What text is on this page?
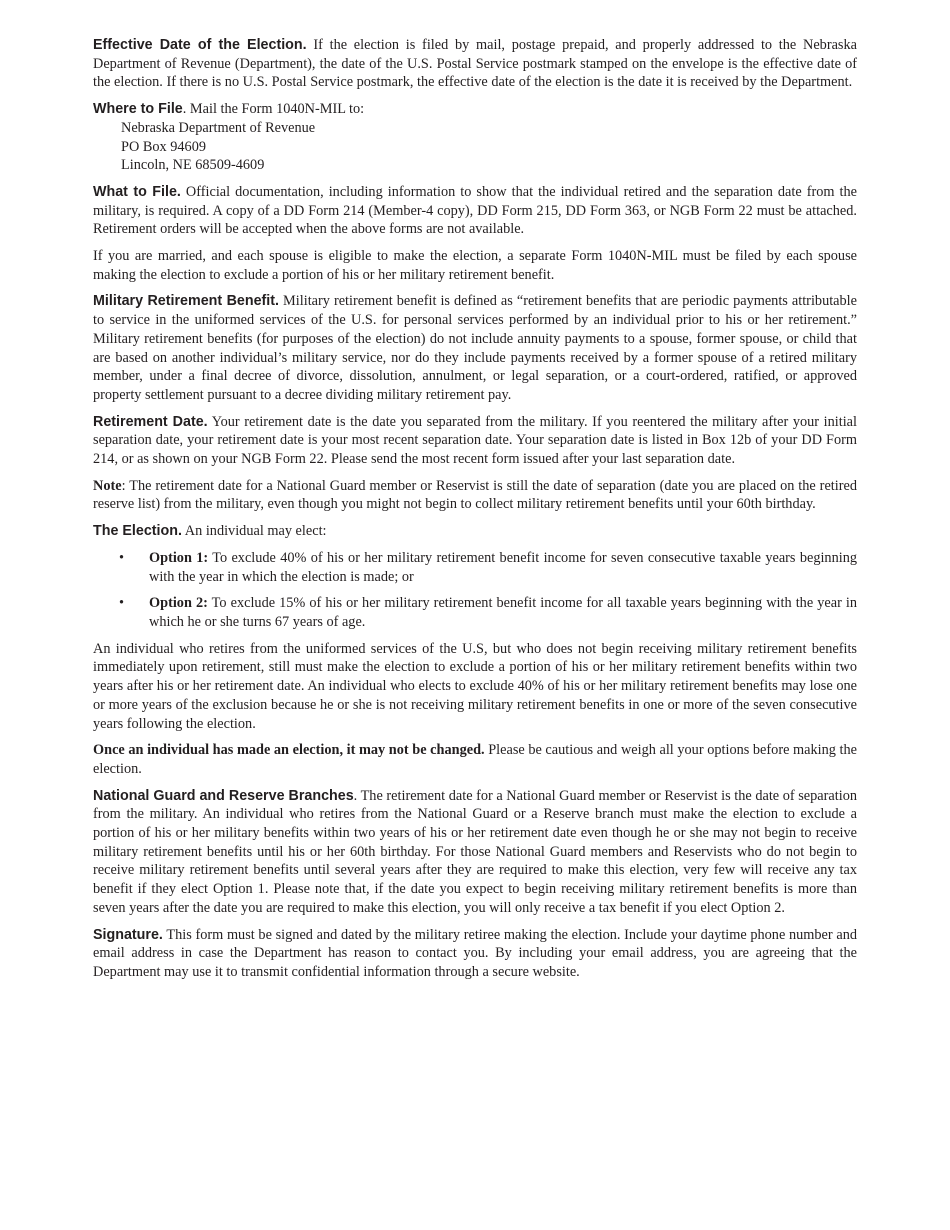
Effective Date of the Election. If the election is filed by mail, postage prepaid, and properly addressed to the Nebraska Department of Revenue (Department), the date of the U.S. Postal Service postmark stamped on the envelope is the effective date of the election. If there is no U.S. Postal Service postmark, the effective date of the election is the date it is received by the Department.

Where to File. Mail the Form 1040N-MIL to:

Nebraska Department of Revenue
PO Box 94609
Lincoln, NE 68509-4609

What to File. Official documentation, including information to show that the individual retired and the separation date from the military, is required. A copy of a DD Form 214 (Member-4 copy), DD Form 215, DD Form 363, or NGB Form 22 must be attached. Retirement orders will be accepted when the above forms are not available.

If you are married, and each spouse is eligible to make the election, a separate Form 1040N-MIL must be filed by each spouse making the election to exclude a portion of his or her military retirement benefit.

Military Retirement Benefit. Military retirement benefit is defined as “retirement benefits that are periodic payments attributable to service in the uniformed services of the U.S. for personal services performed by an individual prior to his or her retirement.” Military retirement benefits (for purposes of the election) do not include annuity payments to a spouse, former spouse, or child that are based on another individual’s military service, nor do they include payments received by a former spouse of a retired military member, under a final decree of divorce, dissolution, annulment, or legal separation, or a court-ordered, ratified, or approved property settlement pursuant to a decree dividing military retirement pay.

Retirement Date. Your retirement date is the date you separated from the military. If you reentered the military after your initial separation date, your retirement date is your most recent separation date. Your separation date is listed in Box 12b of your DD Form 214, or as shown on your NGB Form 22. Please send the most recent form issued after your last separation date.

Note: The retirement date for a National Guard member or Reservist is still the date of separation (date you are placed on the retired reserve list) from the military, even though you might not begin to collect military retirement benefits until your 60th birthday.

The Election. An individual may elect:

• Option 1: To exclude 40% of his or her military retirement benefit income for seven consecutive taxable years beginning with the year in which the election is made; or
• Option 2: To exclude 15% of his or her military retirement benefit income for all taxable years beginning with the year in which he or she turns 67 years of age.

An individual who retires from the uniformed services of the U.S, but who does not begin receiving military retirement benefits immediately upon retirement, still must make the election to exclude a portion of his or her military retirement benefits within two years after his or her retirement date. An individual who elects to exclude 40% of his or her military retirement benefits may lose one or more years of the exclusion because he or she is not receiving military retirement benefits in one or more of the seven consecutive years following the election.

Once an individual has made an election, it may not be changed. Please be cautious and weigh all your options before making the election.

National Guard and Reserve Branches. The retirement date for a National Guard member or Reservist is the date of separation from the military. An individual who retires from the National Guard or a Reserve branch must make the election to exclude a portion of his or her military benefits within two years of his or her retirement date even though he or she may not begin to receive military retirement benefits until his or her 60th birthday. For those National Guard members and Reservists who do not begin to receive military retirement benefits until several years after they are required to make this election, very few will receive any tax benefit if they elect Option 1. Please note that, if the date you expect to begin receiving military retirement benefits is more than seven years after the date you are required to make this election, you will only receive a tax benefit if you elect Option 2.

Signature. This form must be signed and dated by the military retiree making the election. Include your daytime phone number and email address in case the Department has reason to contact you. By including your email address, you are agreeing that the Department may use it to transmit confidential information through a secure website.
